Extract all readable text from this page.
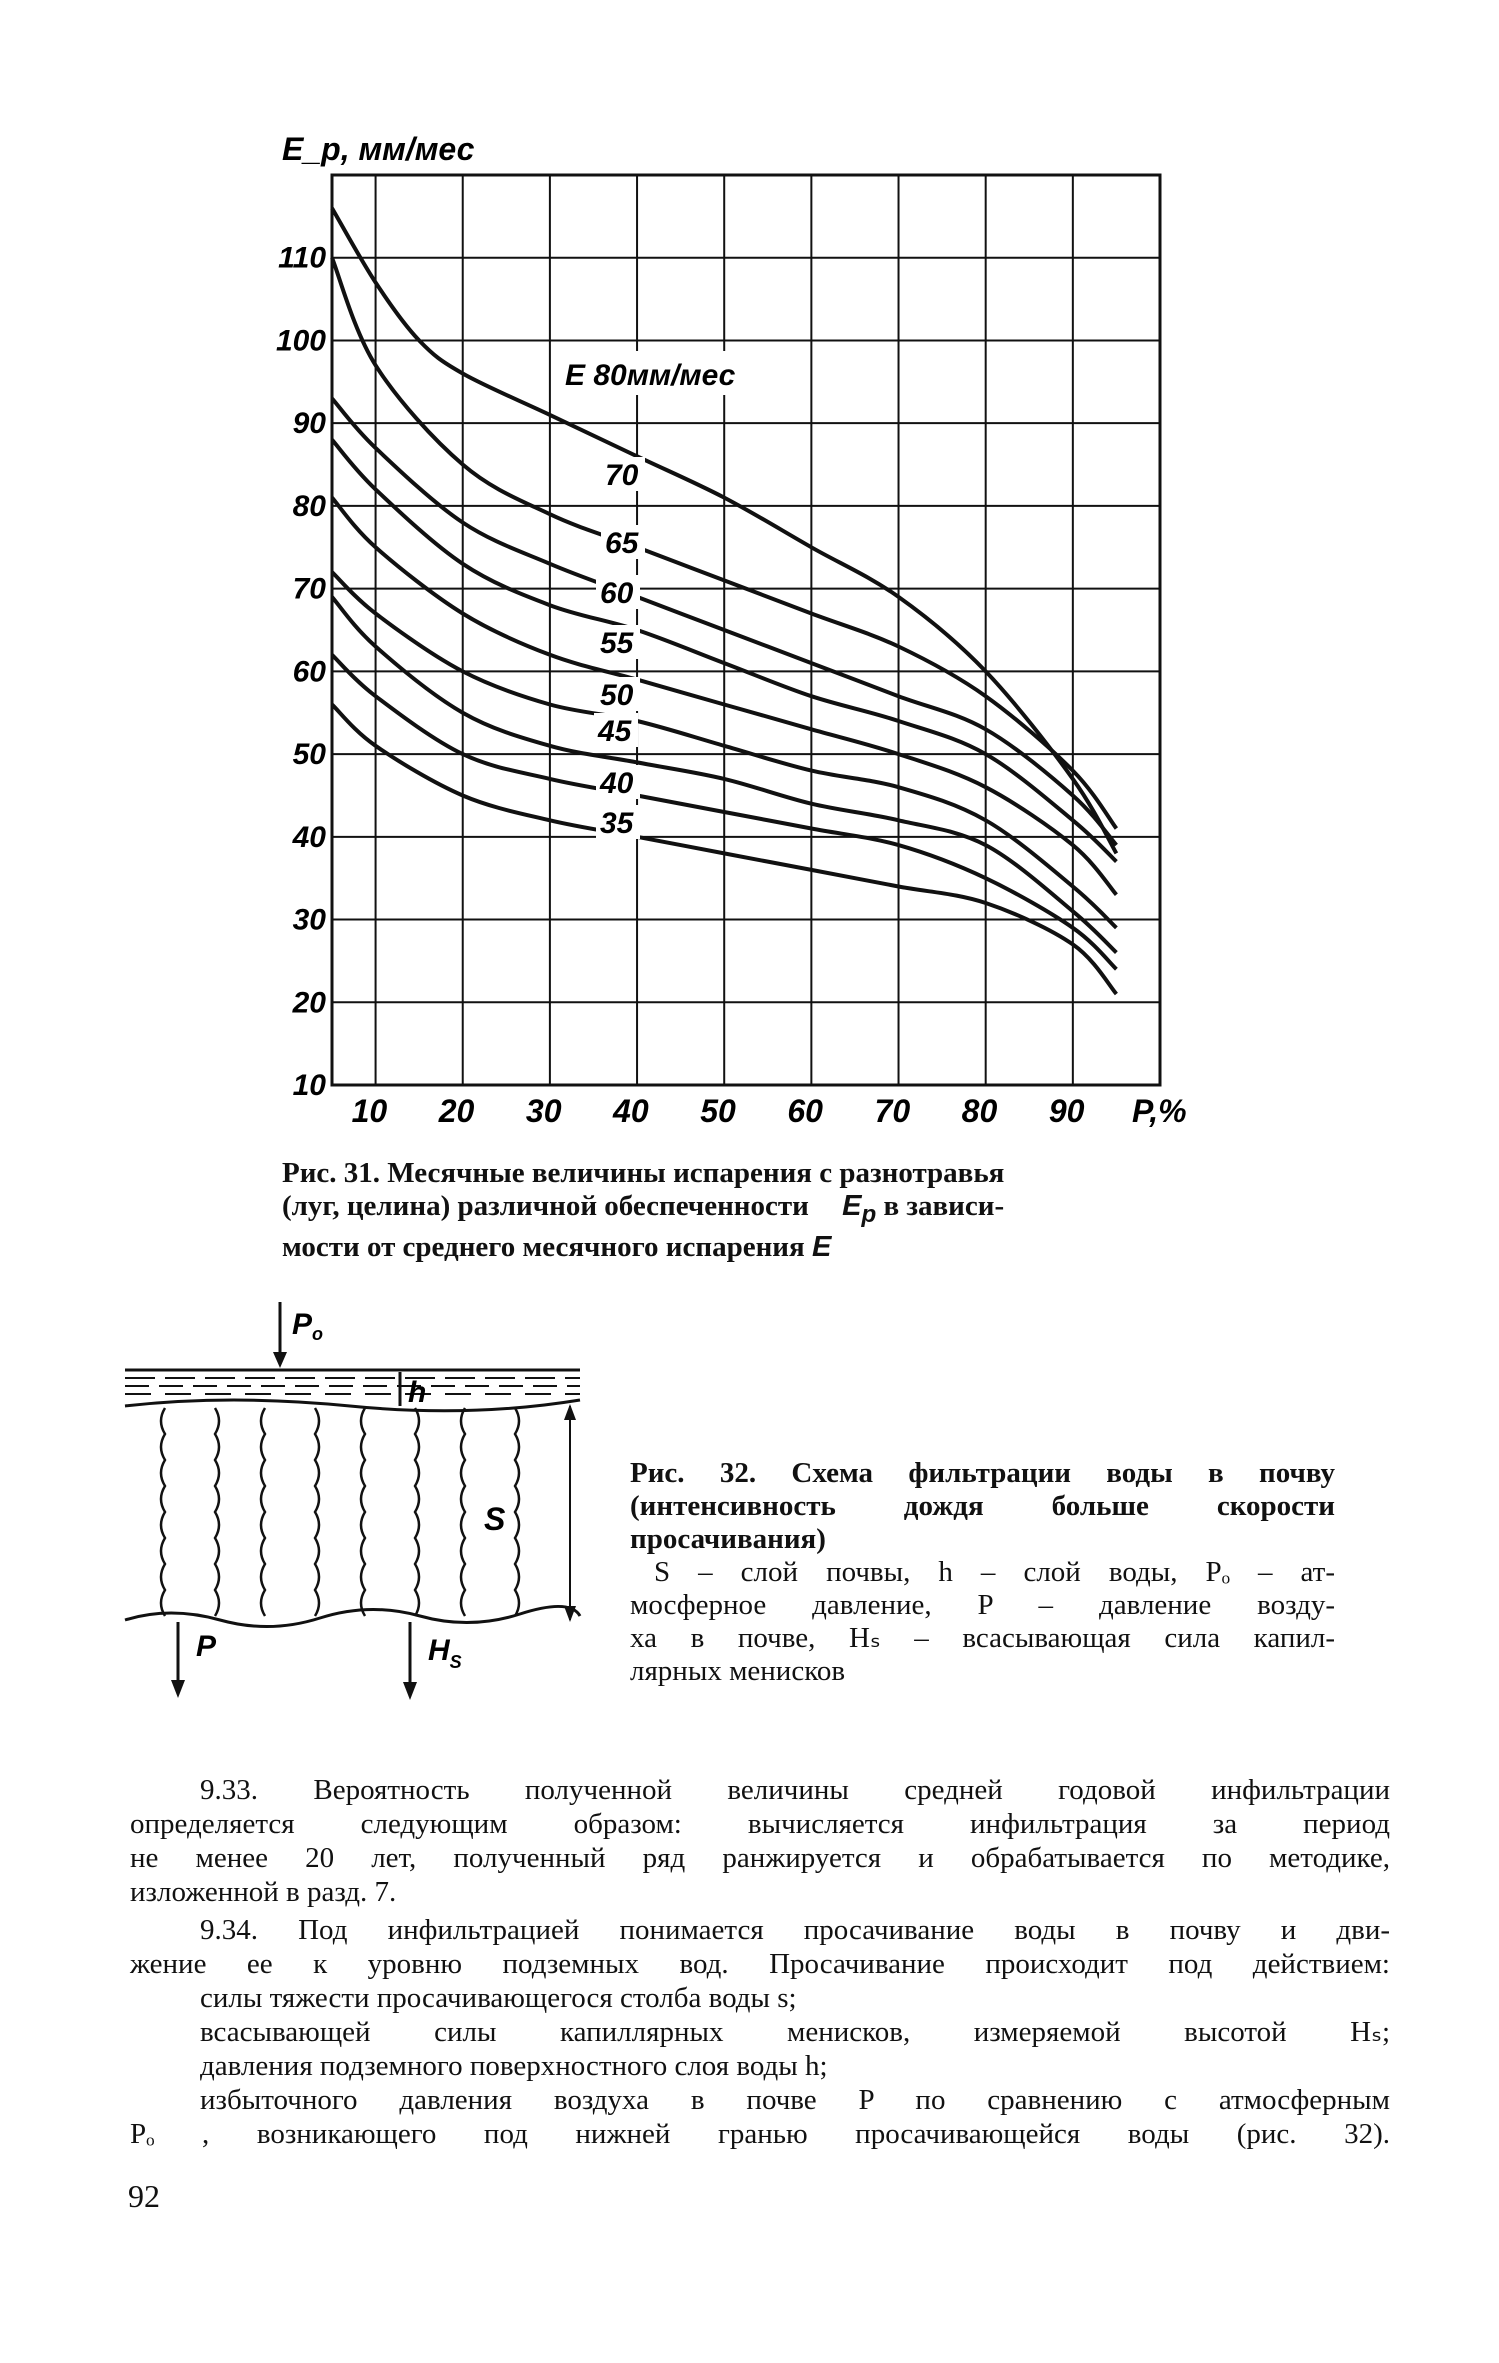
110
100
90
80
70
60
50
40
30
20
10
10 20 30 40 50 60 70 80 90
E 80мм/мес
70
65
60
55
50
45
40
35
E_p, мм/мес
P,%
Рис. 31. Месячные величины испарения с разнотравья
(луг, целина) различной обеспеченности $E_p$ в зависи-
мости от среднего месячного испарения E
$P_o$
h
S
P	$H_S$
Рис. 32. Схема фильтрации воды в почву
(интенсивность дождя больше скорости
просачивания)
S – слой почвы, h – слой воды, Pₒ – ат-
мосферное давление, P – давление возду-
ха в почве, Hₛ – всасывающая сила капил-
лярных менисков
9.33. Вероятность полученной величины средней годовой инфильтрации
определяется следующим образом: вычисляется инфильтрация за период
не менее 20 лет, полученный ряд ранжируется и обрабатывается по методике,
изложенной в разд. 7.
9.34. Под инфильтрацией понимается просачивание воды в почву и дви-
жение ее к уровню подземных вод. Просачивание происходит под действием:
силы тяжести просачивающегося столба воды s;
всасывающей силы капиллярных менисков, измеряемой высотой Hₛ;
давления подземного поверхностного слоя воды h;
избыточного давления воздуха в почве P по сравнению с атмосферным
Pₒ , возникающего под нижней гранью просачивающейся воды (рис. 32).
92
